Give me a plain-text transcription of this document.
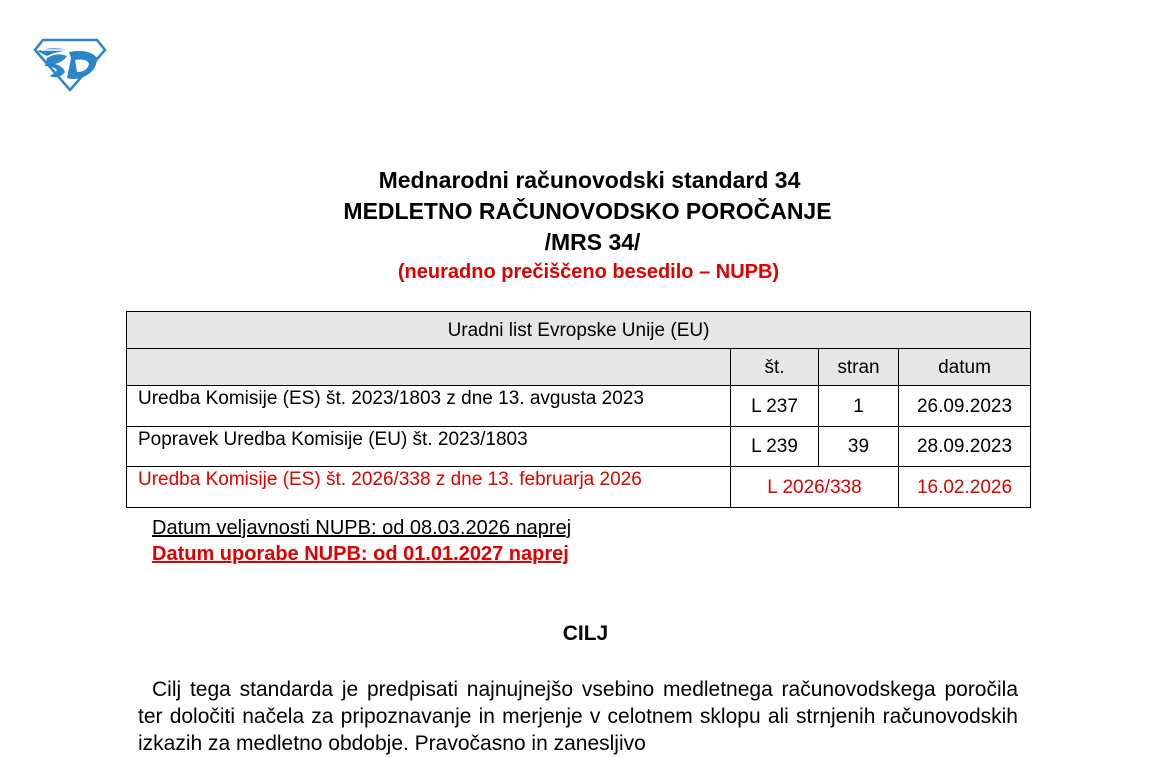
Mednarodni računovodski standard 34
MEDLETNO RAČUNOVODSKO POROČANJE
/MRS 34/
(neuradno prečiščeno besedilo – NUPB)
Uradni list Evropske Unije (EU)			
	št.	stran	datum
Uredba Komisije (ES) št. 2023/1803 z dne 13. avgusta 2023	L 237	1	26.09.2023
Popravek Uredba Komisije (EU) št. 2023/1803	L 239	39	28.09.2023
Uredba Komisije (ES) št. 2026/338 z dne 13. februarja 2026	L 2026/338		16.02.2026
Datum veljavnosti NUPB: od 08.03.2026 naprej
Datum uporabe NUPB: od 01.01.2027 naprej
CILJ
Cilj tega standarda je predpisati najnujnejšo vsebino medletnega računovodskega poročila ter določiti načela za pripoznavanje in merjenje v celotnem sklopu ali strnjenih računovodskih izkazih za medletno obdobje. Pravočasno in zanesljivo
